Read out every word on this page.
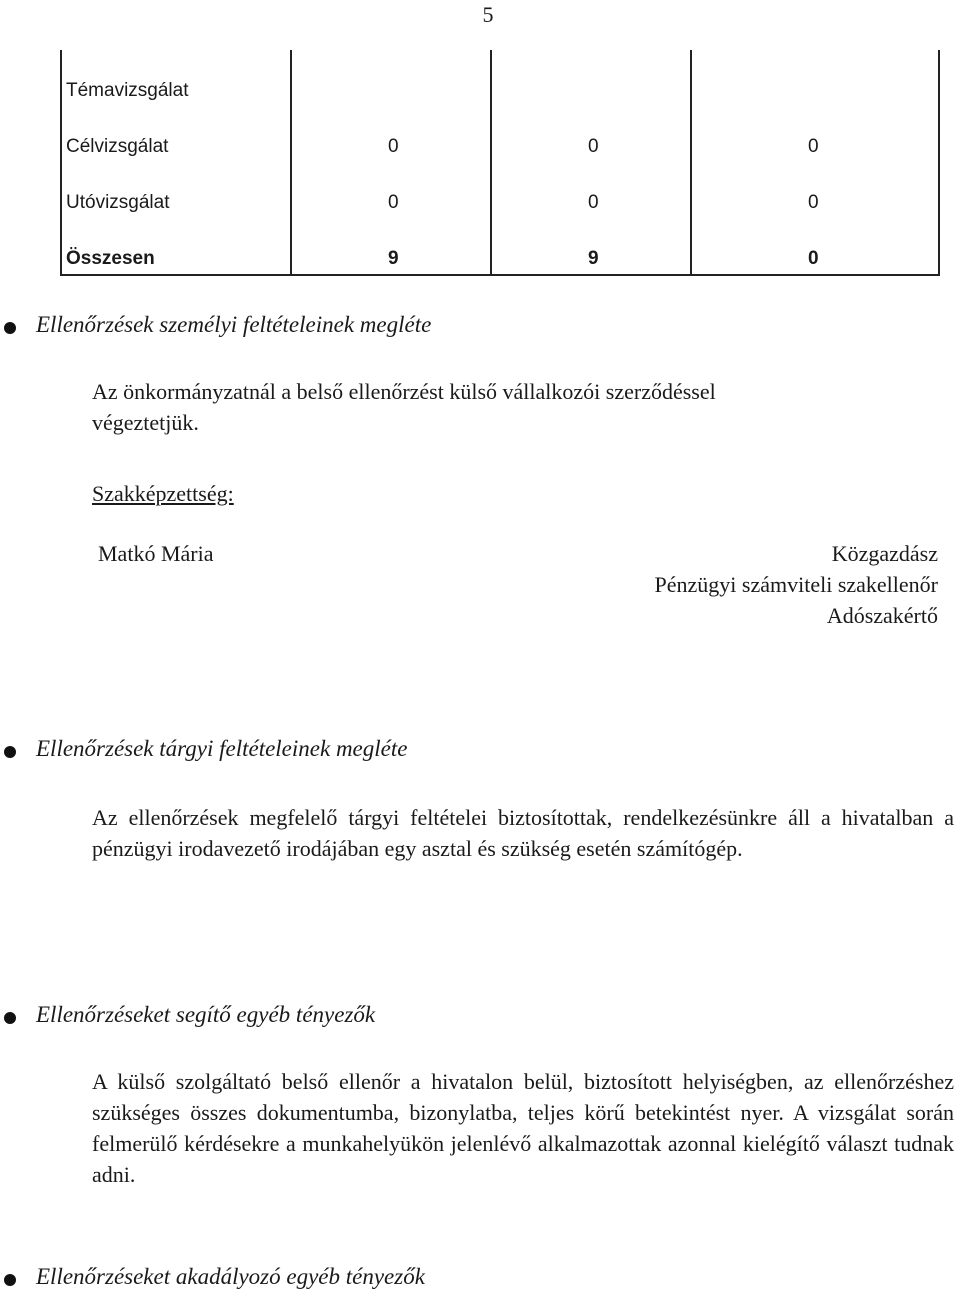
5
Témavizsgálat			
Célvizsgálat	0	0	0
Utóvizsgálat	0	0	0
Összesen	9	9	0
Ellenőrzések személyi feltételeinek megléte
Az önkormányzatnál a belső ellenőrzést külső vállalkozói szerződéssel
végeztetjük.
Szakképzettség:
Matkó Mária	Közgazdász
Pénzügyi számviteli szakellenőr
Adószakértő
Ellenőrzések tárgyi feltételeinek megléte
Az ellenőrzések megfelelő tárgyi feltételei biztosítottak, rendelkezésünkre áll a hivatalban a pénzügyi irodavezető irodájában egy asztal és szükség esetén számítógép.
Ellenőrzéseket segítő egyéb tényezők
A külső szolgáltató belső ellenőr a hivatalon belül, biztosított helyiségben, az ellenőrzéshez szükséges összes dokumentumba, bizonylatba, teljes körű betekintést nyer. A vizsgálat során felmerülő kérdésekre a munkahelyükön jelenlévő alkalmazottak azonnal kielégítő választ tudnak adni.
Ellenőrzéseket akadályozó egyéb tényezők
